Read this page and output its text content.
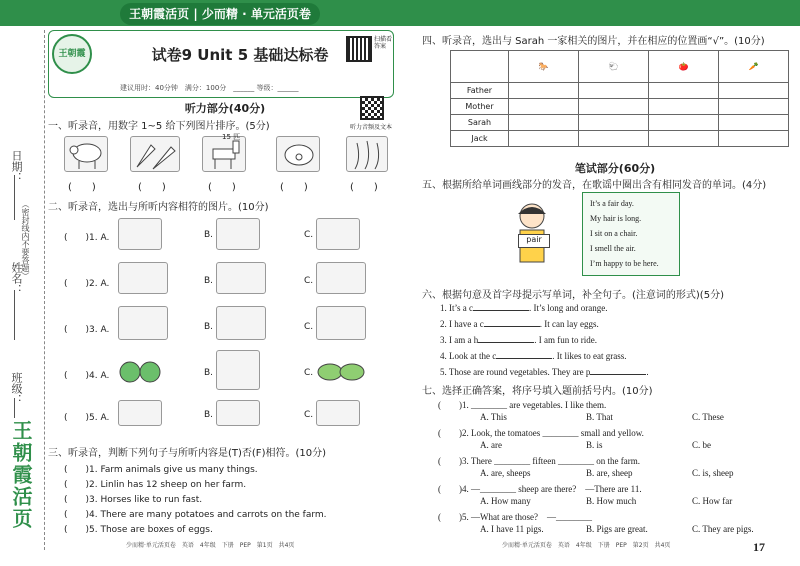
王朝霞活页 | 少而精 · 单元活页卷
日期：
（密封线内不要答题）
姓名：
班级：
王朝霞活页
王朝霞	试卷9 Unit 5 基础达标卷
扫描看答案
建议用时：40分钟　满分：100分　______ 等级：______
听力音频及文本
听力部分(40分)
一、听录音，用数字 1~5 给下列图片排序。(5分)
15 匹
(　　)	(　　)	(　　)	(　　)	(　　)
二、听录音，选出与所听内容相符的图片。(10分)
(　　)1. A.	B.	C.
(　　)2. A.	B.	C.
(　　)3. A.	B.	C.
(　　)4. A.	B.	C.
(　　)5. A.	B.	C.
三、听录音，判断下列句子与所听内容是(T)否(F)相符。(10分)
(　　)1. Farm animals give us many things.
(　　)2. Linlin has 12 sheep on her farm.
(　　)3. Horses like to run fast.
(　　)4. There are many potatoes and carrots on the farm.
(　　)5. Those are boxes of eggs.
少而精·单元活页卷　英语　4年级　下册　PEP　第1页　共4页
四、听录音，选出与 Sarah 一家相关的图片，并在相应的位置画“√”。(10分)
	🐎	🐑	🍅	🥕
Father				
Mother				
Sarah				
Jack				
笔试部分(60分)
五、根据所给单词画线部分的发音，在歌谣中圈出含有相同发音的单词。(4分)
pair
It’s a fair day.
My hair is long.
I sit on a chair.
I smell the air.
I’m happy to be here.
六、根据句意及首字母提示写单词，补全句子。(注意词的形式)(5分)
1. It’s a c	. It’s long and orange.
2. I have a c	. It can lay eggs.
3. I am a h	. I am fun to ride.
4. Look at the c	. It likes to eat grass.
5. Those are round vegetables. They are p	.
七、选择正确答案，将序号填入题前括号内。(10分)
(　　)1. ________ are vegetables. I like them.
A. This	B. That	C. These
(　　)2. Look, the tomatoes ________ small and yellow.
A. are	B. is	C. be
(　　)3. There ________ fifteen ________ on the farm.
A. are, sheeps	B. are, sheep	C. is, sheep
(　　)4. —________ sheep are there?　—There are 11.
A. How many	B. How much	C. How far
(　　)5. —What are those?　—________
A. I have 11 pigs.	B. Pigs are great.	C. They are pigs.
少而精·单元活页卷　英语　4年级　下册　PEP　第2页　共4页	17
